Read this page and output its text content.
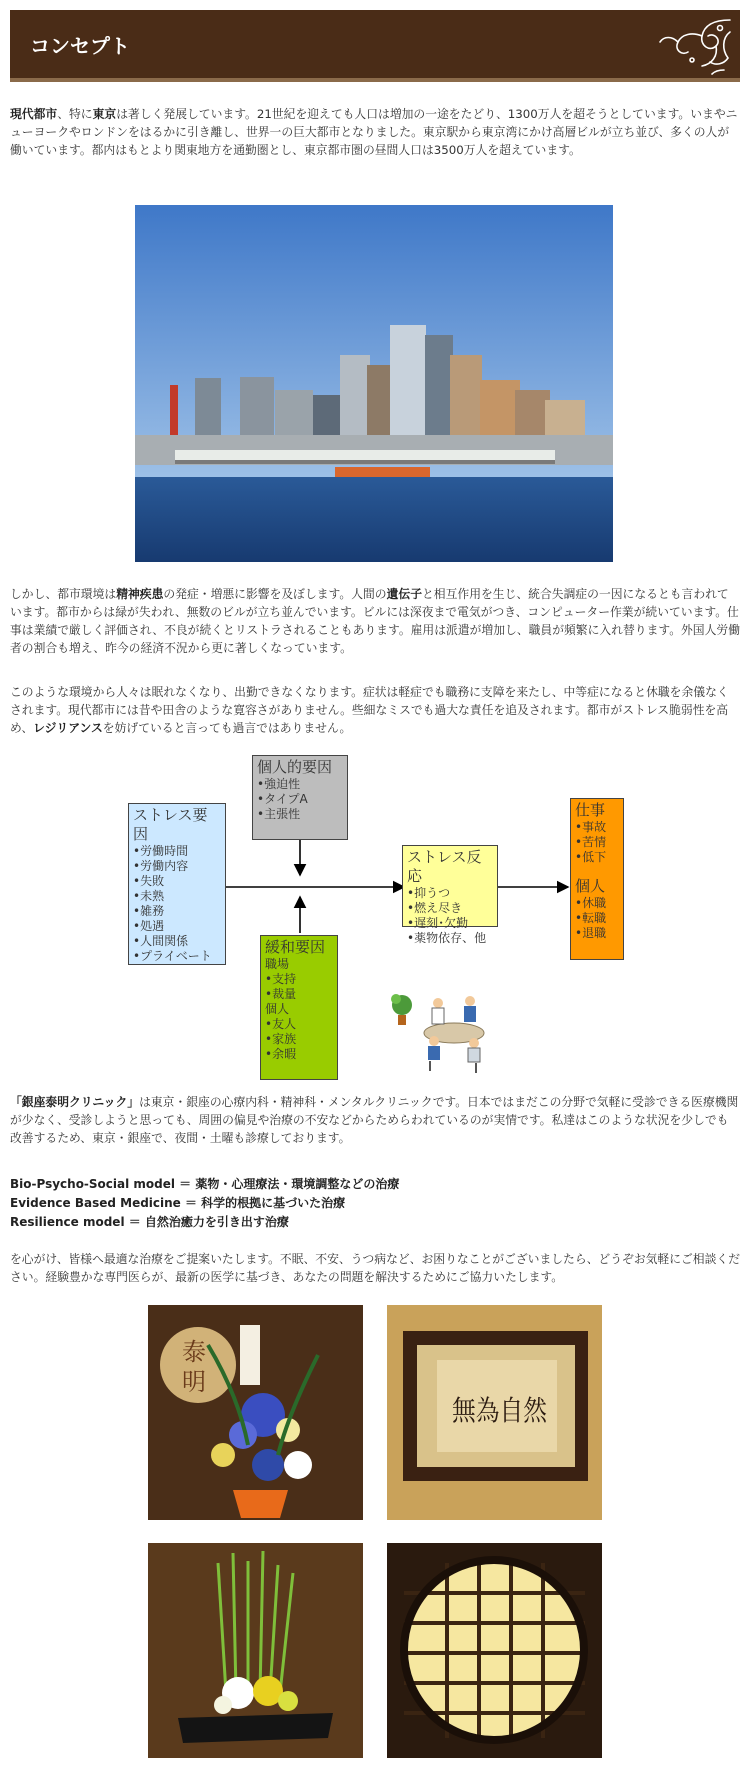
コンセプト

現代都市、特に東京は著しく発展しています。21世紀を迎えても人口は増加の一途をたどり、1300万人を超そうとしています。いまやニューヨークやロンドンをはるかに引き離し、世界一の巨大都市となりました。東京駅から東京湾にかけ高層ビルが立ち並び、多くの人が働いています。都内はもとより関東地方を通勤圏とし、東京都市圏の昼間人口は3500万人を超えています。

しかし、都市環境は精神疾患の発症・増悪に影響を及ぼします。人間の遺伝子と相互作用を生じ、統合失調症の一因になるとも言われています。都市からは緑が失われ、無数のビルが立ち並んでいます。ビルには深夜まで電気がつき、コンピューター作業が続いています。仕事は業績で厳しく評価され、不良が続くとリストラされることもあります。雇用は派遣が増加し、職員が頻繁に入れ替ります。外国人労働者の割合も増え、昨今の経済不況から更に著しくなっています。

このような環境から人々は眠れなくなり、出勤できなくなります。症状は軽症でも職務に支障を来たし、中等症になると休職を余儀なくされます。現代都市には昔や田舎のような寛容さがありません。些細なミスでも過大な責任を追及されます。都市がストレス脆弱性を高め、レジリアンスを妨げていると言っても過言ではありません。

ストレス要因
• 労働時間
• 労働内容
• 失敗
• 未熟
• 雑務
• 処遇
• 人間関係
• プライベート
個人的要因
• 強迫性
• タイプA
• 主張性
緩和要因
職場
• 支持
• 裁量
個人
• 友人
• 家族
• 余暇
ストレス反応
• 抑うつ
• 燃え尽き
• 遅刻･欠勤
• 薬物依存、他
仕事
• 事故
• 苦情
• 低下
個人
• 休職
• 転職
• 退職

「銀座泰明クリニック」は東京・銀座の心療内科・精神科・メンタルクリニックです。日本ではまだこの分野で気軽に受診できる医療機関が少なく、受診しようと思っても、周囲の偏見や治療の不安などからためらわれているのが実情です。私達はこのような状況を少しでも改善するため、東京・銀座で、夜間・土曜も診療しております。

Bio-Psycho-Social model ＝ 薬物・心理療法・環境調整などの治療
Evidence Based Medicine ＝ 科学的根拠に基づいた治療
Resilience model ＝ 自然治癒力を引き出す治療

を心がけ、皆様へ最適な治療をご提案いたします。不眠、不安、うつ病など、お困りなことがございましたら、どうぞお気軽にご相談ください。経験豊かな専門医らが、最新の医学に基づき、あなたの問題を解決するためにご協力いたします。

泰
明
無為自然
